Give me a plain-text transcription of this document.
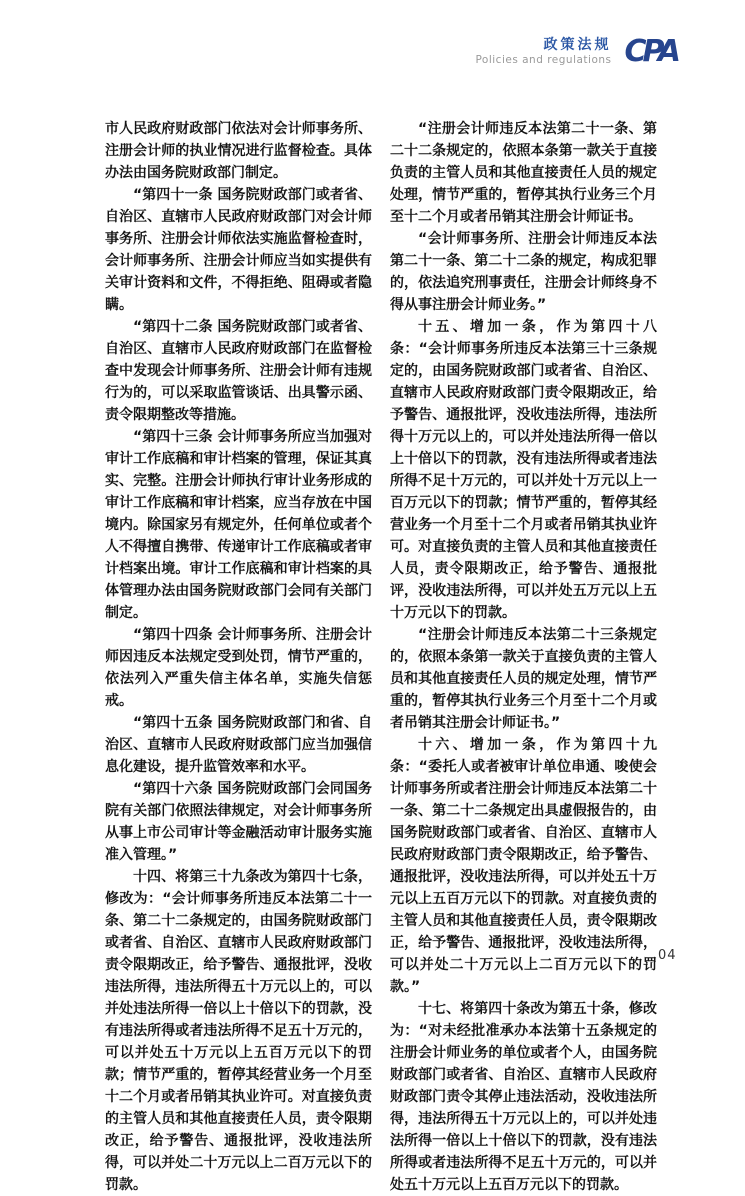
政策法规
Policies and regulations CPA

市人民政府财政部门依法对会计师事务所、注册会计师的执业情况进行监督检查。具体办法由国务院财政部门制定。

“第四十一条 国务院财政部门或者省、自治区、直辖市人民政府财政部门对会计师事务所、注册会计师依法实施监督检查时，会计师事务所、注册会计师应当如实提供有关审计资料和文件，不得拒绝、阻碍或者隐瞒。

“第四十二条 国务院财政部门或者省、自治区、直辖市人民政府财政部门在监督检查中发现会计师事务所、注册会计师有违规行为的，可以采取监管谈话、出具警示函、责令限期整改等措施。

“第四十三条 会计师事务所应当加强对审计工作底稿和审计档案的管理，保证其真实、完整。注册会计师执行审计业务形成的审计工作底稿和审计档案，应当存放在中国境内。除国家另有规定外，任何单位或者个人不得擅自携带、传递审计工作底稿或者审计档案出境。审计工作底稿和审计档案的具体管理办法由国务院财政部门会同有关部门制定。

“第四十四条 会计师事务所、注册会计师因违反本法规定受到处罚，情节严重的，依法列入严重失信主体名单，实施失信惩戒。

“第四十五条 国务院财政部门和省、自治区、直辖市人民政府财政部门应当加强信息化建设，提升监管效率和水平。

“第四十六条 国务院财政部门会同国务院有关部门依照法律规定，对会计师事务所从事上市公司审计等金融活动审计服务实施准入管理。”

十四、将第三十九条改为第四十七条，修改为：“会计师事务所违反本法第二十一条、第二十二条规定的，由国务院财政部门或者省、自治区、直辖市人民政府财政部门责令限期改正，给予警告、通报批评，没收违法所得，违法所得五十万元以上的，可以并处违法所得一倍以上十倍以下的罚款，没有违法所得或者违法所得不足五十万元的，可以并处五十万元以上五百万元以下的罚款；情节严重的，暂停其经营业务一个月至十二个月或者吊销其执业许可。对直接负责的主管人员和其他直接责任人员，责令限期改正，给予警告、通报批评，没收违法所得，可以并处二十万元以上二百万元以下的罚款。

“注册会计师违反本法第二十一条、第二十二条规定的，依照本条第一款关于直接负责的主管人员和其他直接责任人员的规定处理，情节严重的，暂停其执行业务三个月至十二个月或者吊销其注册会计师证书。

“会计师事务所、注册会计师违反本法第二十一条、第二十二条的规定，构成犯罪的，依法追究刑事责任，注册会计师终身不得从事注册会计师业务。”

十五、增加一条，作为第四十八条：“会计师事务所违反本法第三十三条规定的，由国务院财政部门或者省、自治区、直辖市人民政府财政部门责令限期改正，给予警告、通报批评，没收违法所得，违法所得十万元以上的，可以并处违法所得一倍以上十倍以下的罚款，没有违法所得或者违法所得不足十万元的，可以并处十万元以上一百万元以下的罚款；情节严重的，暂停其经营业务一个月至十二个月或者吊销其执业许可。对直接负责的主管人员和其他直接责任人员，责令限期改正，给予警告、通报批评，没收违法所得，可以并处五万元以上五十万元以下的罚款。

“注册会计师违反本法第二十三条规定的，依照本条第一款关于直接负责的主管人员和其他直接责任人员的规定处理，情节严重的，暂停其执行业务三个月至十二个月或者吊销其注册会计师证书。”

十六、增加一条，作为第四十九条：“委托人或者被审计单位串通、唆使会计师事务所或者注册会计师违反本法第二十一条、第二十二条规定出具虚假报告的，由国务院财政部门或者省、自治区、直辖市人民政府财政部门责令限期改正，给予警告、通报批评，没收违法所得，可以并处五十万元以上五百万元以下的罚款。对直接负责的主管人员和其他直接责任人员，责令限期改正，给予警告、通报批评，没收违法所得，可以并处二十万元以上二百万元以下的罚款。”

十七、将第四十条改为第五十条，修改为：“对未经批准承办本法第十五条规定的注册会计师业务的单位或者个人，由国务院财政部门或者省、自治区、直辖市人民政府财政部门责令其停止违法活动，没收违法所得，违法所得五十万元以上的，可以并处违法所得一倍以上十倍以下的罚款，没有违法所得或者违法所得不足五十万元的，可以并处五十万元以上五百万元以下的罚款。

04
